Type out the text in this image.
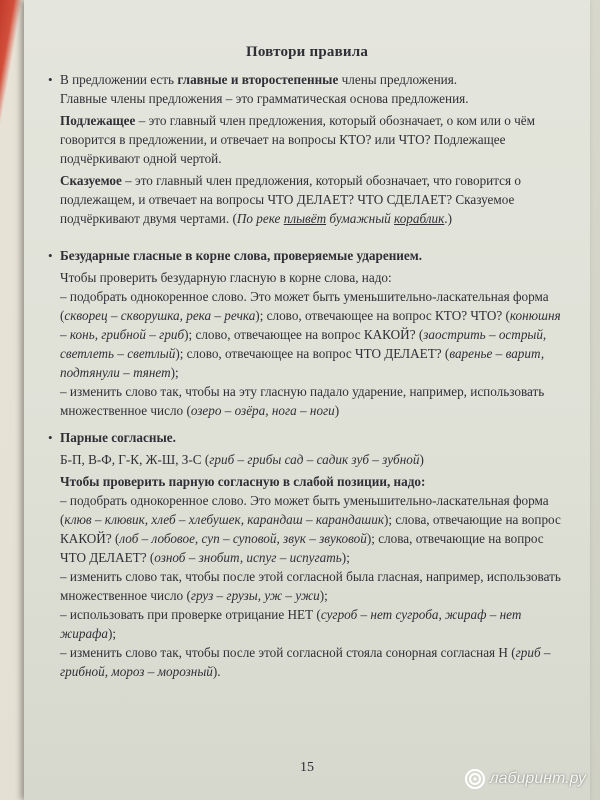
Повтори правила
• В предложении есть главные и второстепенные члены предложения.

Главные члены предложения – это грамматическая основа предложения.

Подлежащее – это главный член предложения, который обозначает, о ком или о чём говорится в предложении, и отвечает на вопросы КТО? или ЧТО? Подлежащее подчёркивают одной чертой.

Сказуемое – это главный член предложения, который обозначает, что говорится о подлежащем, и отвечает на вопросы ЧТО ДЕЛАЕТ? ЧТО СДЕЛАЕТ? Сказуемое подчёркивают двумя чертами. (По реке плывёт бумажный кораблик.)

• Безударные гласные в корне слова, проверяемые ударением.

Чтобы проверить безударную гласную в корне слова, надо:

– подобрать однокоренное слово. Это может быть уменьшительно-ласкательная форма (скворец – скворушка, река – речка); слово, отвечающее на вопрос КТО? ЧТО? (конюшня – конь, грибной – гриб); слово, отвечающее на вопрос КАКОЙ? (заострить – острый, светлеть – светлый); слово, отвечающее на вопрос ЧТО ДЕЛАЕТ? (варенье – варит, подтянули – тянет);

– изменить слово так, чтобы на эту гласную падало ударение, например, использовать множественное число (озеро – озёра, нога – ноги)

• Парные согласные.

Б-П, В-Ф, Г-К, Ж-Ш, З-С (гриб – грибы сад – садик зуб – зубной)

Чтобы проверить парную согласную в слабой позиции, надо:

– подобрать однокоренное слово. Это может быть уменьшительно-ласкательная форма (клюв – клювик, хлеб – хлебушек, карандаш – карандашик); слова, отвечающие на вопрос КАКОЙ? (лоб – лобовое, суп – суповой, звук – звуковой); слова, отвечающие на вопрос ЧТО ДЕЛАЕТ? (озноб – знобит, испуг – испугать);

– изменить слово так, чтобы после этой согласной была гласная, например, использовать множественное число (груз – грузы, уж – ужи);

– использовать при проверке отрицание НЕТ (сугроб – нет сугроба, жираф – нет жирафа);

– изменить слово так, чтобы после этой согласной стояла сонорная согласная Н (гриб – грибной, мороз – морозный).

15
лабиринт.ру
